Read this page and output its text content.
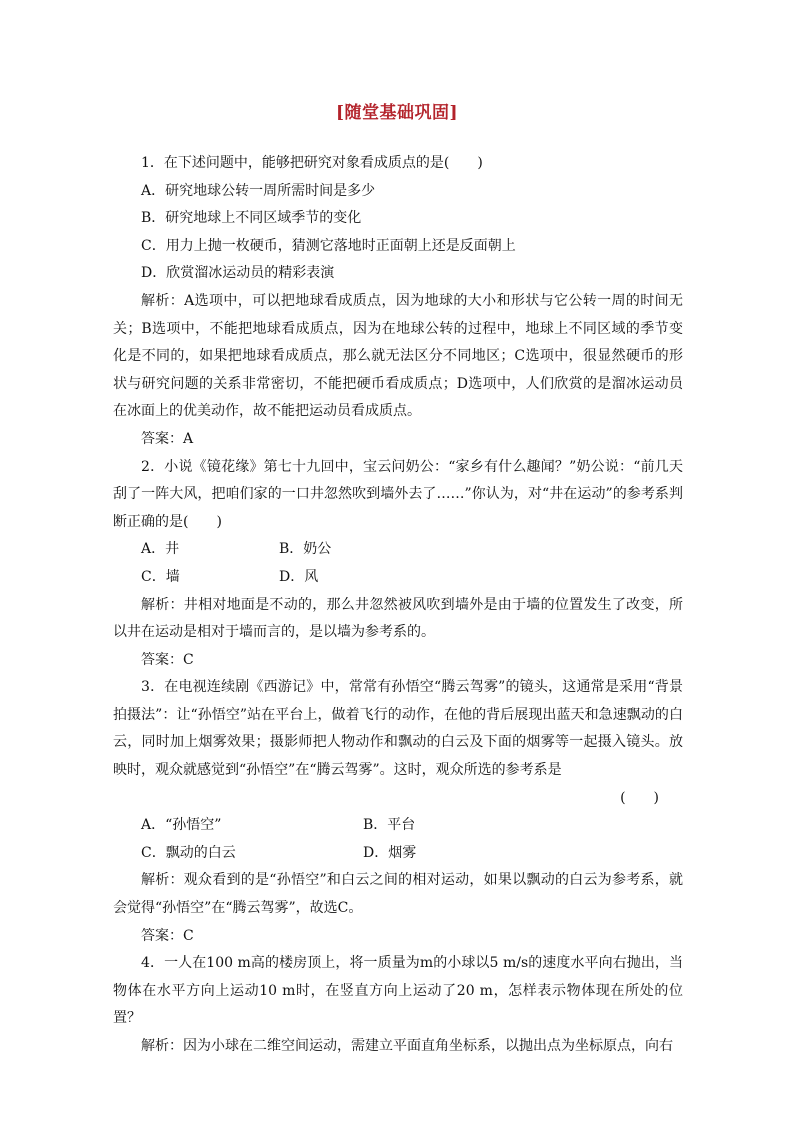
[随堂基础巩固]

1．在下述问题中，能够把研究对象看成质点的是(　　)

A．研究地球公转一周所需时间是多少

B．研究地球上不同区域季节的变化

C．用力上抛一枚硬币，猜测它落地时正面朝上还是反面朝上

D．欣赏溜冰运动员的精彩表演

解析：A选项中，可以把地球看成质点，因为地球的大小和形状与它公转一周的时间无关；B选项中，不能把地球看成质点，因为在地球公转的过程中，地球上不同区域的季节变化是不同的，如果把地球看成质点，那么就无法区分不同地区；C选项中，很显然硬币的形状与研究问题的关系非常密切，不能把硬币看成质点；D选项中，人们欣赏的是溜冰运动员在冰面上的优美动作，故不能把运动员看成质点。

答案：A

2．小说《镜花缘》第七十九回中，宝云问奶公：“家乡有什么趣闻？”奶公说：“前几天刮了一阵大风，把咱们家的一口井忽然吹到墙外去了……”你认为，对“井在运动”的参考系判断正确的是(　　)

A．井	B．奶公
C．墙	D．风

解析：井相对地面是不动的，那么井忽然被风吹到墙外是由于墙的位置发生了改变，所以井在运动是相对于墙而言的，是以墙为参考系的。

答案：C

3．在电视连续剧《西游记》中，常常有孙悟空“腾云驾雾”的镜头，这通常是采用“背景拍摄法”：让“孙悟空”站在平台上，做着飞行的动作，在他的背后展现出蓝天和急速飘动的白云，同时加上烟雾效果；摄影师把人物动作和飘动的白云及下面的烟雾等一起摄入镜头。放映时，观众就感觉到“孙悟空”在“腾云驾雾”。这时，观众所选的参考系是

(　　)

A．“孙悟空”	B．平台
C．飘动的白云	D．烟雾

解析：观众看到的是“孙悟空”和白云之间的相对运动，如果以飘动的白云为参考系，就会觉得“孙悟空”在“腾云驾雾”，故选C。

答案：C

4．一人在100 m高的楼房顶上，将一质量为m的小球以5 m/s的速度水平向右抛出，当物体在水平方向上运动10 m时，在竖直方向上运动了20 m，怎样表示物体现在所处的位置？

解析：因为小球在二维空间运动，需建立平面直角坐标系，以抛出点为坐标原点，向右
